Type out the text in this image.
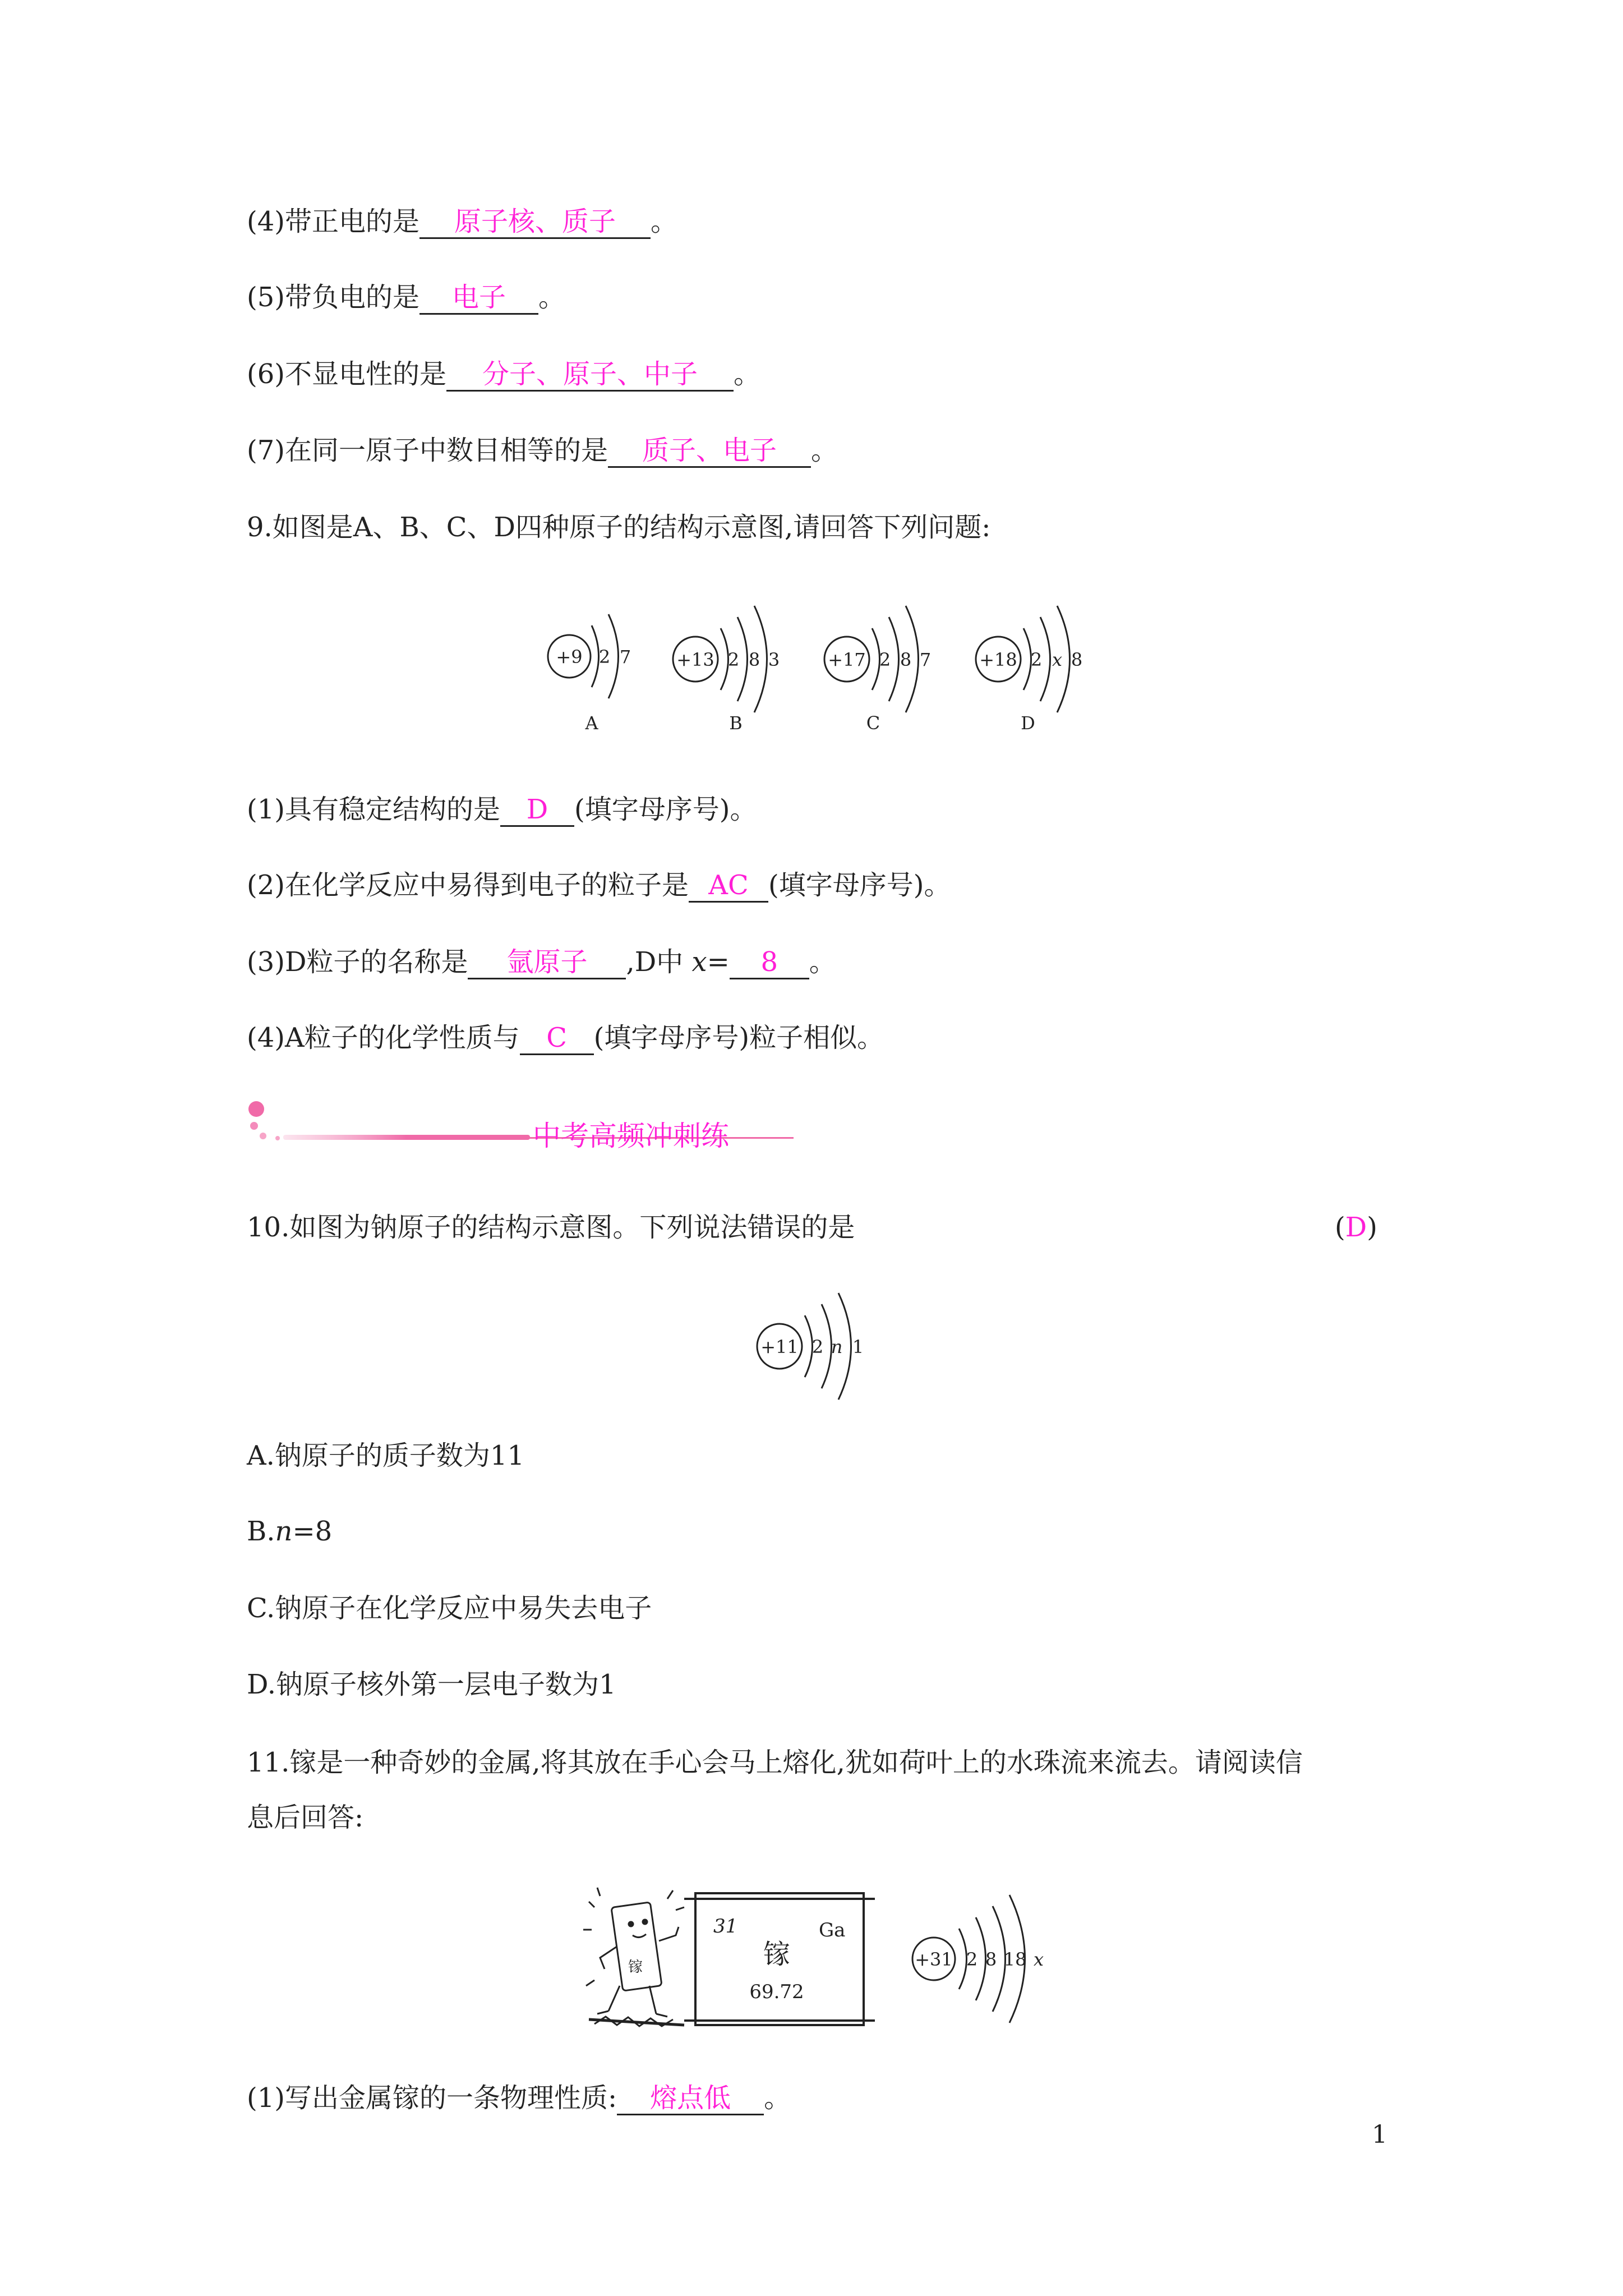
(4)带正电的是 原子核、质子 。
(5)带负电的是 电子 。
(6)不显电性的是 分子、原子、中子 。
(7)在同一原子中数目相等的是 质子、电子 。
9.如图是A、B、C、D四种原子的结构示意图,请回答下列问题:
+9 2 7
A
+13 2 8 3
B
+17 2 8 7
C
+18 2 x 8
D
(1)具有稳定结构的是 D (填字母序号)。
(2)在化学反应中易得到电子的粒子是 AC (填字母序号)。
(3)D粒子的名称是 氩原子 ,D中 x= 8 。
(4)A粒子的化学性质与 C (填字母序号)粒子相似。
中考高频冲刺练
10.如图为钠原子的结构示意图。下列说法错误的是	(D)
+11 2 n 1
A.钠原子的质子数为11
B.n=8
C.钠原子在化学反应中易失去电子
D.钠原子核外第一层电子数为1
11.镓是一种奇妙的金属,将其放在手心会马上熔化,犹如荷叶上的水珠流来流去。请阅读信
息后回答:
镓
31	Ga
镓
69.72
+31 2 8 18 x
(1)写出金属镓的一条物理性质: 熔点低 。
1
